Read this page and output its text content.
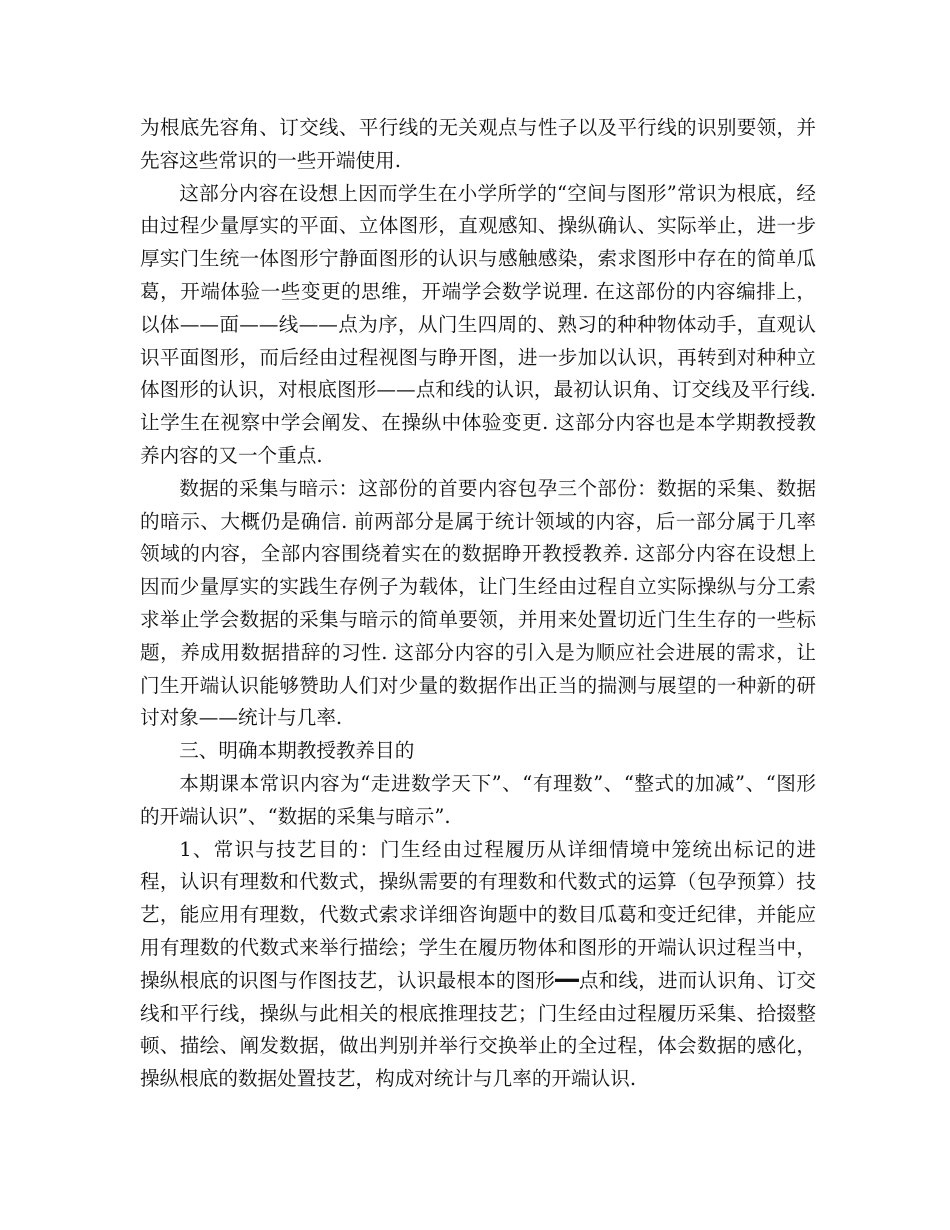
为根底先容角、订交线、平行线的无关观点与性子以及平行线的识别要领，并先容这些常识的一些开端使用.

这部分内容在设想上因而学生在小学所学的“空间与图形”常识为根底，经由过程少量厚实的平面、立体图形，直观感知、操纵确认、实际举止，进一步厚实门生统一体图形宁静面图形的认识与感触感染，索求图形中存在的简单瓜葛，开端体验一些变更的思维，开端学会数学说理. 在这部份的内容编排上，以体——面——线——点为序，从门生四周的、熟习的种种物体动手，直观认识平面图形，而后经由过程视图与睁开图，进一步加以认识，再转到对种种立体图形的认识，对根底图形——点和线的认识，最初认识角、订交线及平行线. 让学生在视察中学会阐发、在操纵中体验变更. 这部分内容也是本学期教授教养内容的又一个重点.

数据的采集与暗示：这部份的首要内容包孕三个部份：数据的采集、数据的暗示、大概仍是确信. 前两部分是属于统计领域的内容，后一部分属于几率领域的内容，全部内容围绕着实在的数据睁开教授教养. 这部分内容在设想上因而少量厚实的实践生存例子为载体，让门生经由过程自立实际操纵与分工索求举止学会数据的采集与暗示的简单要领，并用来处置切近门生生存的一些标题，养成用数据措辞的习性. 这部分内容的引入是为顺应社会进展的需求，让门生开端认识能够赞助人们对少量的数据作出正当的揣测与展望的一种新的研讨对象——统计与几率.

三、明确本期教授教养目的

本期课本常识内容为“走进数学天下”、“有理数”、“整式的加减”、“图形的开端认识”、“数据的采集与暗示”.

1、常识与技艺目的：门生经由过程履历从详细情境中笼统出标记的进程，认识有理数和代数式，操纵需要的有理数和代数式的运算（包孕预算）技艺，能应用有理数，代数式索求详细咨询题中的数目瓜葛和变迁纪律，并能应用有理数的代数式来举行描绘；学生在履历物体和图形的开端认识过程当中，操纵根底的识图与作图技艺，认识最根本的图形━━点和线，进而认识角、订交线和平行线，操纵与此相关的根底推理技艺；门生经由过程履历采集、拾掇整顿、描绘、阐发数据，做出判别并举行交换举止的全过程，体会数据的感化，操纵根底的数据处置技艺，构成对统计与几率的开端认识.
